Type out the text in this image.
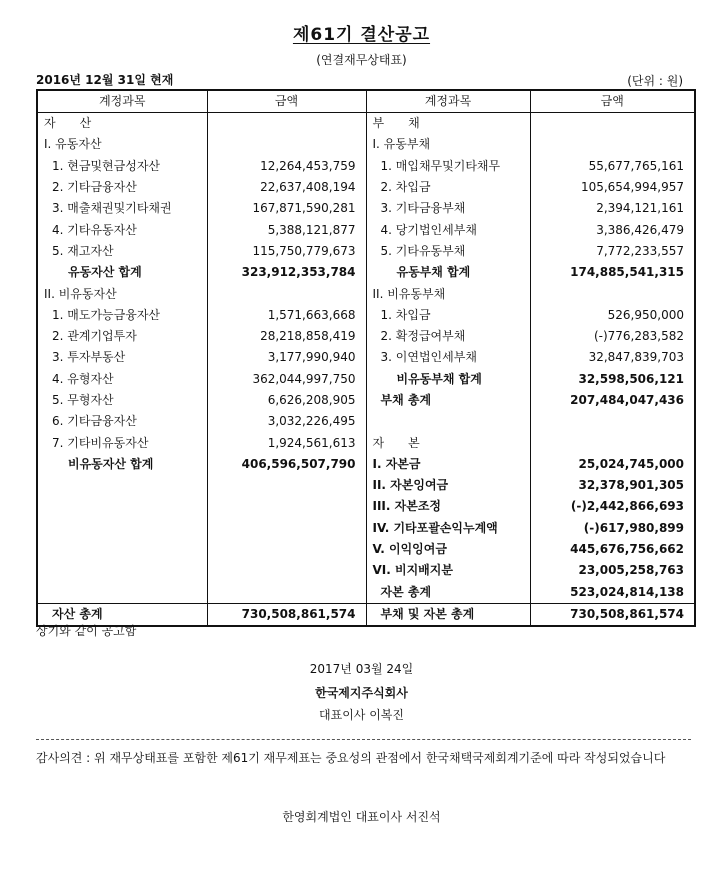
제61기 결산공고
(연결재무상태표)
2016년 12월 31일 현재	(단위 : 원)
계정과목	금액	계정과목	금액
자　　산		부　　채	
I. 유동자산		I. 유동부채	
1. 현금및현금성자산	12,264,453,759	1. 매입채무및기타채무	55,677,765,161
2. 기타금융자산	22,637,408,194	2. 차입금	105,654,994,957
3. 매출채권및기타채권	167,871,590,281	3. 기타금융부채	2,394,121,161
4. 기타유동자산	5,388,121,877	4. 당기법인세부채	3,386,426,479
5. 재고자산	115,750,779,673	5. 기타유동부채	7,772,233,557
유동자산 합계	323,912,353,784	유동부채 합계	174,885,541,315
II. 비유동자산		II. 비유동부채	
1. 매도가능금융자산	1,571,663,668	1. 차입금	526,950,000
2. 관계기업투자	28,218,858,419	2. 확정급여부채	(-)776,283,582
3. 투자부동산	3,177,990,940	3. 이연법인세부채	32,847,839,703
4. 유형자산	362,044,997,750	비유동부채 합계	32,598,506,121
5. 무형자산	6,626,208,905	부채 총계	207,484,047,436
6. 기타금융자산	3,032,226,495		
7. 기타비유동자산	1,924,561,613	자　　본	
비유동자산 합계	406,596,507,790	I. 자본금	25,024,745,000
		II. 자본잉여금	32,378,901,305
		III. 자본조정	(-)2,442,866,693
		IV. 기타포괄손익누계액	(-)617,980,899
		V. 이익잉여금	445,676,756,662
		VI. 비지배지분	23,005,258,763
		자본 총계	523,024,814,138
자산 총계	730,508,861,574	부채 및 자본 총계	730,508,861,574
상기와 같이 공고함
2017년 03월 24일
한국제지주식회사
대표이사 이복진
감사의견 : 위 재무상태표를 포함한 제61기 재무제표는 중요성의 관점에서 한국채택국제회계기준에 따라 작성되었습니다
한영회계법인 대표이사 서진석
